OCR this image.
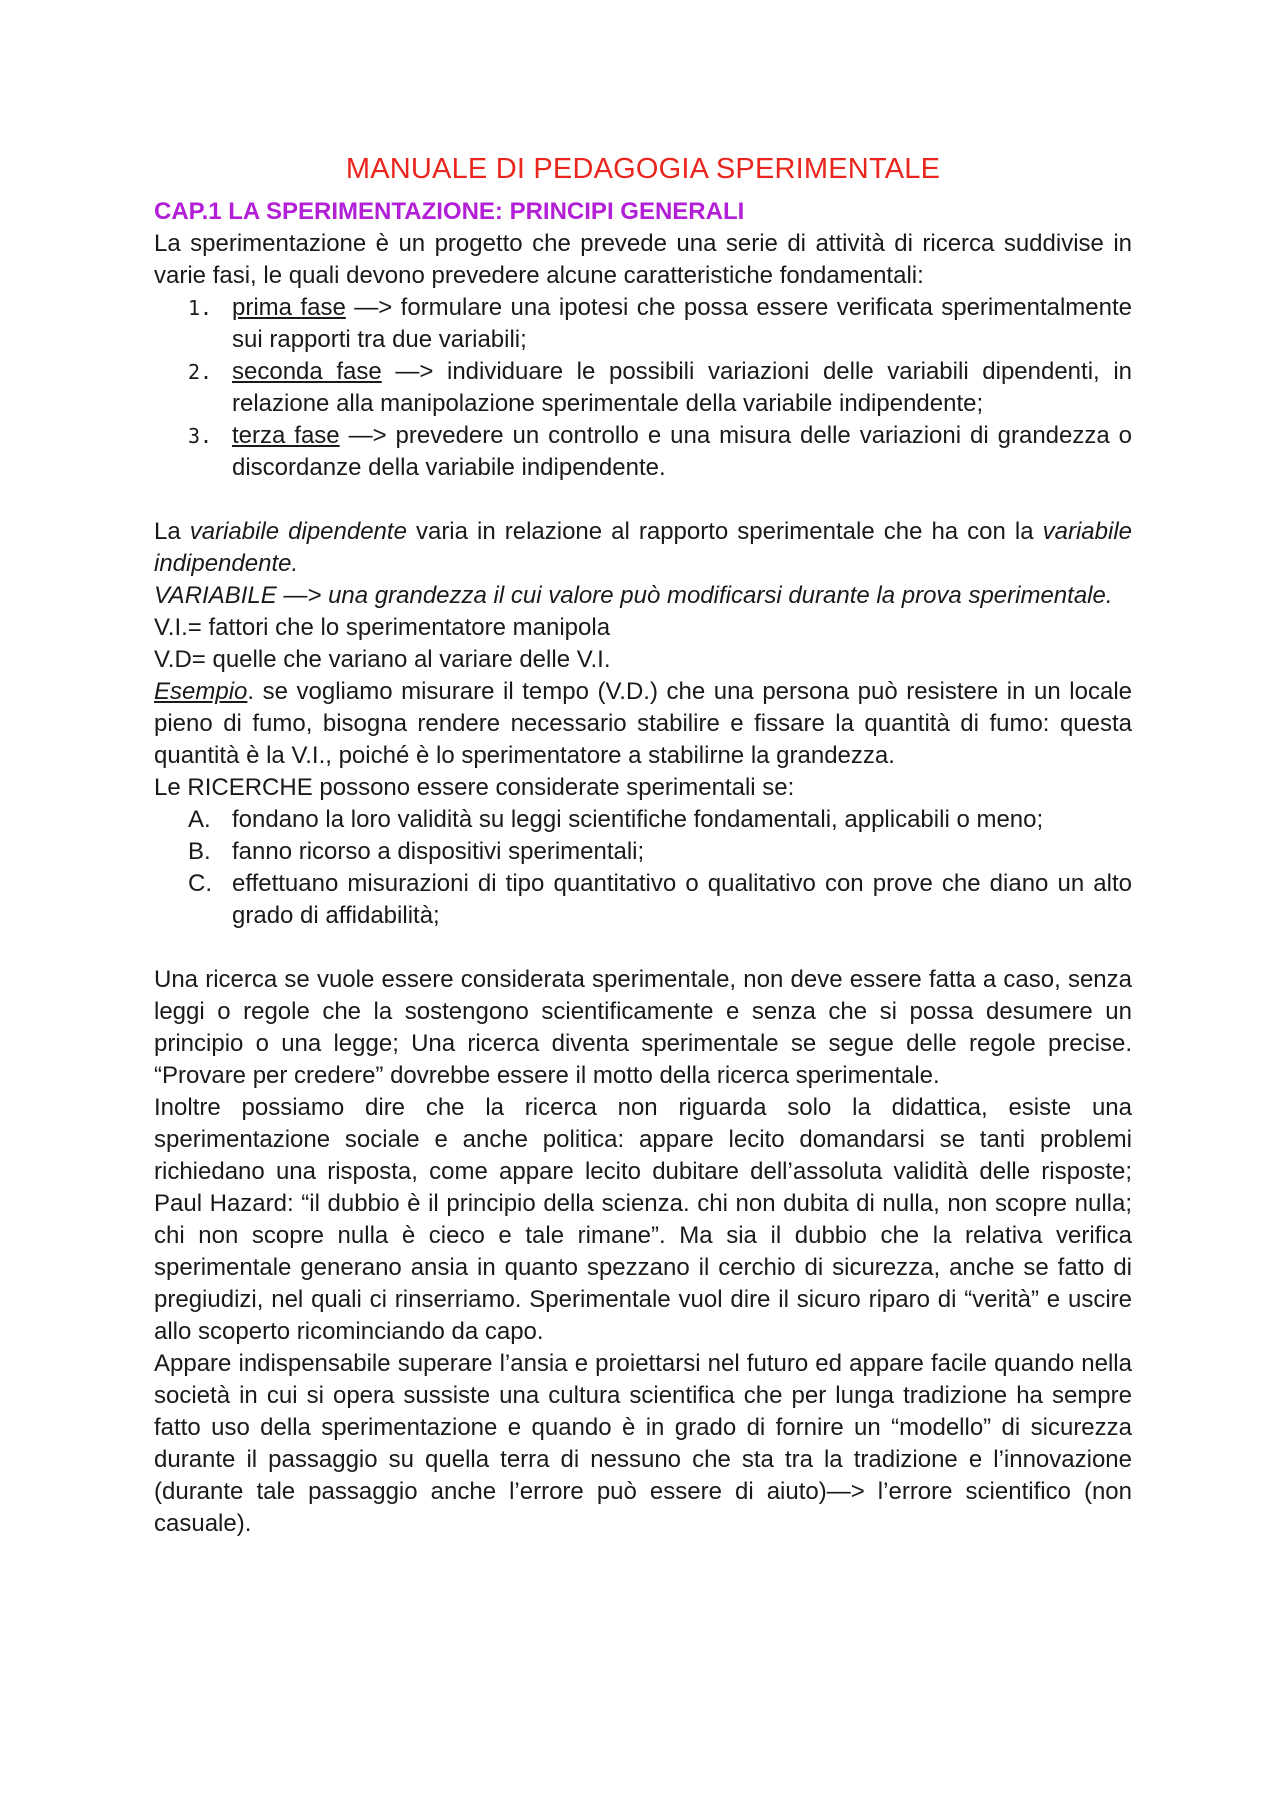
MANUALE DI PEDAGOGIA SPERIMENTALE
CAP.1 LA SPERIMENTAZIONE: PRINCIPI GENERALI

La sperimentazione è un progetto che prevede una serie di attività di ricerca suddivise in varie fasi, le quali devono prevedere alcune caratteristiche fondamentali:

1. prima fase —> formulare una ipotesi che possa essere verificata sperimentalmente sui rapporti tra due variabili;
2. seconda fase —> individuare le possibili variazioni delle variabili dipendenti, in relazione alla manipolazione sperimentale della variabile indipendente;
3. terza fase —> prevedere un controllo e una misura delle variazioni di grandezza o discordanze della variabile indipendente.

La variabile dipendente varia in relazione al rapporto sperimentale che ha con la variabile indipendente.

VARIABILE —> una grandezza il cui valore può modificarsi durante la prova sperimentale.

V.I.= fattori che lo sperimentatore manipola

V.D= quelle che variano al variare delle V.I.

Esempio. se vogliamo misurare il tempo (V.D.) che una persona può resistere in un locale pieno di fumo, bisogna rendere necessario stabilire e fissare la quantità di fumo: questa quantità è la V.I., poiché è lo sperimentatore a stabilirne la grandezza.

Le RICERCHE possono essere considerate sperimentali se:

A. fondano la loro validità su leggi scientifiche fondamentali, applicabili o meno;
B. fanno ricorso a dispositivi sperimentali;
C. effettuano misurazioni di tipo quantitativo o qualitativo con prove che diano un alto grado di affidabilità;

Una ricerca se vuole essere considerata sperimentale, non deve essere fatta a caso, senza leggi o regole che la sostengono scientificamente e senza che si possa desumere un principio o una legge; Una ricerca diventa sperimentale se segue delle regole precise. “Provare per credere” dovrebbe essere il motto della ricerca sperimentale.

Inoltre possiamo dire che la ricerca non riguarda solo la didattica, esiste una sperimentazione sociale e anche politica: appare lecito domandarsi se tanti problemi richiedano una risposta, come appare lecito dubitare dell’assoluta validità delle risposte; Paul Hazard: “il dubbio è il principio della scienza. chi non dubita di nulla, non scopre nulla; chi non scopre nulla è cieco e tale rimane”. Ma sia il dubbio che la relativa verifica sperimentale generano ansia in quanto spezzano il cerchio di sicurezza, anche se fatto di pregiudizi, nel quali ci rinserriamo. Sperimentale vuol dire il sicuro riparo di “verità” e uscire allo scoperto ricominciando da capo.

Appare indispensabile superare l’ansia e proiettarsi nel futuro ed appare facile quando nella società in cui si opera sussiste una cultura scientifica che per lunga tradizione ha sempre fatto uso della sperimentazione e quando è in grado di fornire un “modello” di sicurezza durante il passaggio su quella terra di nessuno che sta tra la tradizione e l’innovazione (durante tale passaggio anche l’errore può essere di aiuto)—> l’errore scientifico (non casuale).
